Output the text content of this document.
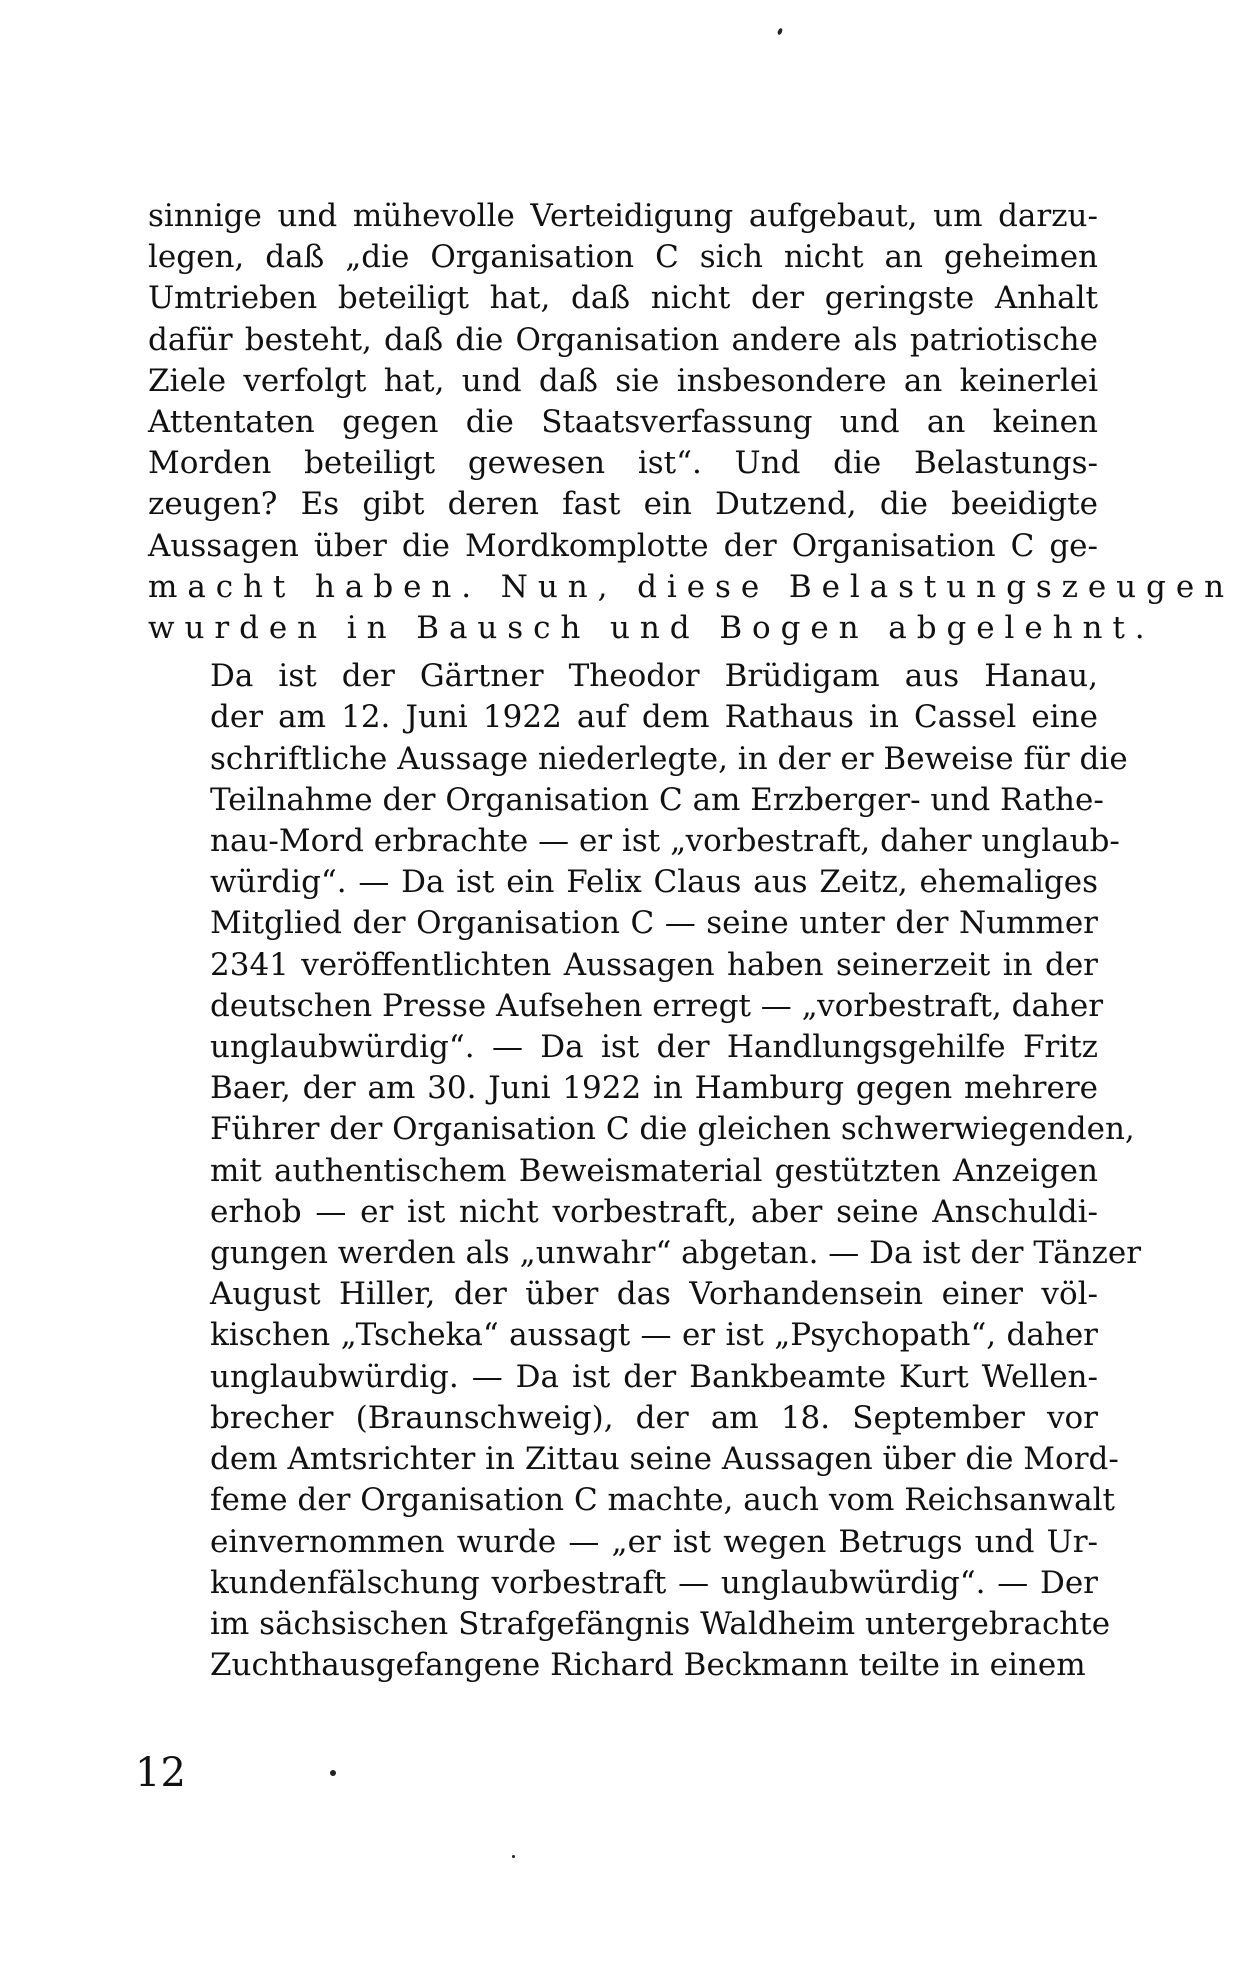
sinnige und mühevolle Verteidigung aufgebaut, um darzu-
legen, daß „die Organisation C sich nicht an geheimen
Umtrieben beteiligt hat, daß nicht der geringste Anhalt
dafür besteht, daß die Organisation andere als patriotische
Ziele verfolgt hat, und daß sie insbesondere an keinerlei
Attentaten gegen die Staatsverfassung und an keinen
Morden beteiligt gewesen ist“. Und die Belastungs-
zeugen? Es gibt deren fast ein Dutzend, die beeidigte
Aussagen über die Mordkomplotte der Organisation C ge-
macht haben. Nun, diese Belastungszeugen
wurden in Bausch und Bogen abgelehnt.
Da ist der Gärtner Theodor Brüdigam aus Hanau,
der am 12. Juni 1922 auf dem Rathaus in Cassel eine
schriftliche Aussage niederlegte, in der er Beweise für die
Teilnahme der Organisation C am Erzberger- und Rathe-
nau-Mord erbrachte — er ist „vorbestraft, daher unglaub-
würdig“. — Da ist ein Felix Claus aus Zeitz, ehemaliges
Mitglied der Organisation C — seine unter der Nummer
2341 veröffentlichten Aussagen haben seinerzeit in der
deutschen Presse Aufsehen erregt — „vorbestraft, daher
unglaubwürdig“. — Da ist der Handlungsgehilfe Fritz
Baer, der am 30. Juni 1922 in Hamburg gegen mehrere
Führer der Organisation C die gleichen schwerwiegenden,
mit authentischem Beweismaterial gestützten Anzeigen
erhob — er ist nicht vorbestraft, aber seine Anschuldi-
gungen werden als „unwahr“ abgetan. — Da ist der Tänzer
August Hiller, der über das Vorhandensein einer völ-
kischen „Tscheka“ aussagt — er ist „Psychopath“, daher
unglaubwürdig. — Da ist der Bankbeamte Kurt Wellen-
brecher (Braunschweig), der am 18. September vor
dem Amtsrichter in Zittau seine Aussagen über die Mord-
feme der Organisation C machte, auch vom Reichsanwalt
einvernommen wurde — „er ist wegen Betrugs und Ur-
kundenfälschung vorbestraft — unglaubwürdig“. — Der
im sächsischen Strafgefängnis Waldheim untergebrachte
Zuchthausgefangene Richard Beckmann teilte in einem
12
